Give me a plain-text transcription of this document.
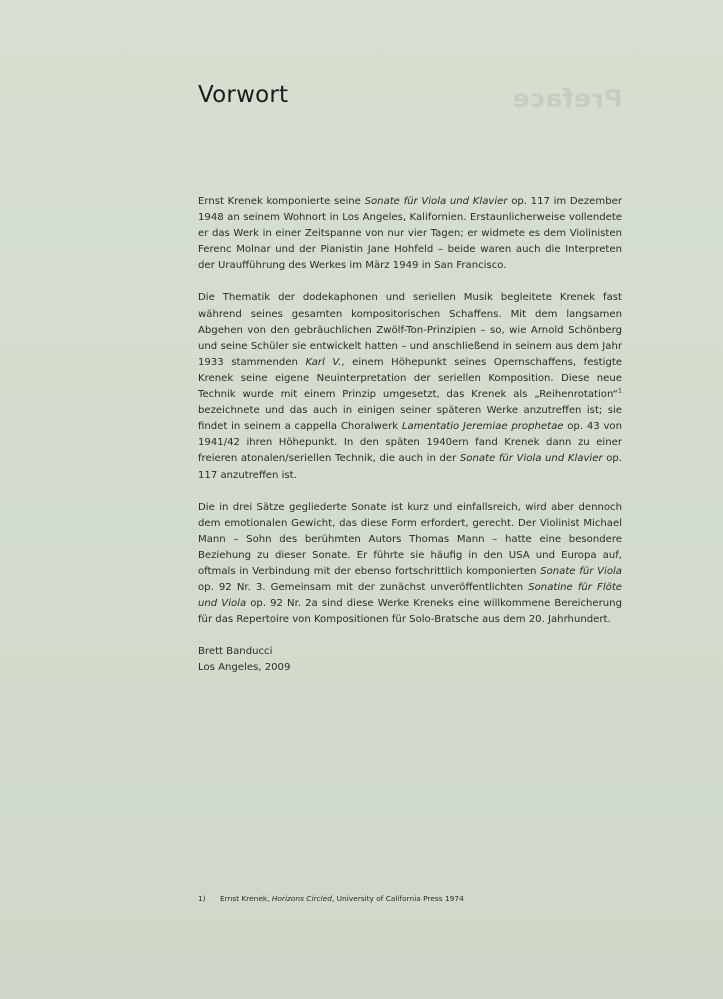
Preface
Vorwort

Ernst Krenek komponierte seine Sonate für Viola und Klavier op. 117 im Dezember 1948 an seinem Wohnort in Los Angeles, Kalifornien. Erstaunlicherweise vollendete er das Werk in einer Zeitspanne von nur vier Tagen; er widmete es dem Violinisten Ferenc Molnar und der Pianistin Jane Hohfeld – beide waren auch die Interpreten der Uraufführung des Werkes im März 1949 in San Francisco.

Die Thematik der dodekaphonen und seriellen Musik begleitete Krenek fast während seines gesamten kompositorischen Schaffens. Mit dem langsamen Abgehen von den gebräuchlichen Zwölf-Ton-Prinzipien – so, wie Arnold Schönberg und seine Schüler sie entwickelt hatten – und anschließend in seinem aus dem Jahr 1933 stammenden Karl V., einem Höhepunkt seines Opernschaffens, festigte Krenek seine eigene Neuinterpretation der seriellen Komposition. Diese neue Technik wurde mit einem Prinzip umgesetzt, das Krenek als „Reihenrotation“$^1$ bezeichnete und das auch in einigen seiner späteren Werke anzutreffen ist; sie findet in seinem a cappella Choralwerk Lamentatio Jeremiae prophetae op. 43 von 1941/42 ihren Höhepunkt. In den späten 1940ern fand Krenek dann zu einer freieren atonalen/seriellen Technik, die auch in der Sonate für Viola und Klavier op. 117 anzutreffen ist.

Die in drei Sätze gegliederte Sonate ist kurz und einfallsreich, wird aber dennoch dem emotionalen Gewicht, das diese Form erfordert, gerecht. Der Violinist Michael Mann – Sohn des berühmten Autors Thomas Mann – hatte eine besondere Beziehung zu dieser Sonate. Er führte sie häufig in den USA und Europa auf, oftmals in Verbindung mit der ebenso fortschrittlich komponierten Sonate für Viola op. 92 Nr. 3. Gemeinsam mit der zunächst unveröffentlichten Sonatine für Flöte und Viola op. 92 Nr. 2a sind diese Werke Kreneks eine willkommene Bereicherung für das Repertoire von Kompositionen für Solo-Bratsche aus dem 20. Jahrhundert.

Brett Banducci
Los Angeles, 2009

1) Ernst Krenek, Horizons Circled, University of California Press 1974
